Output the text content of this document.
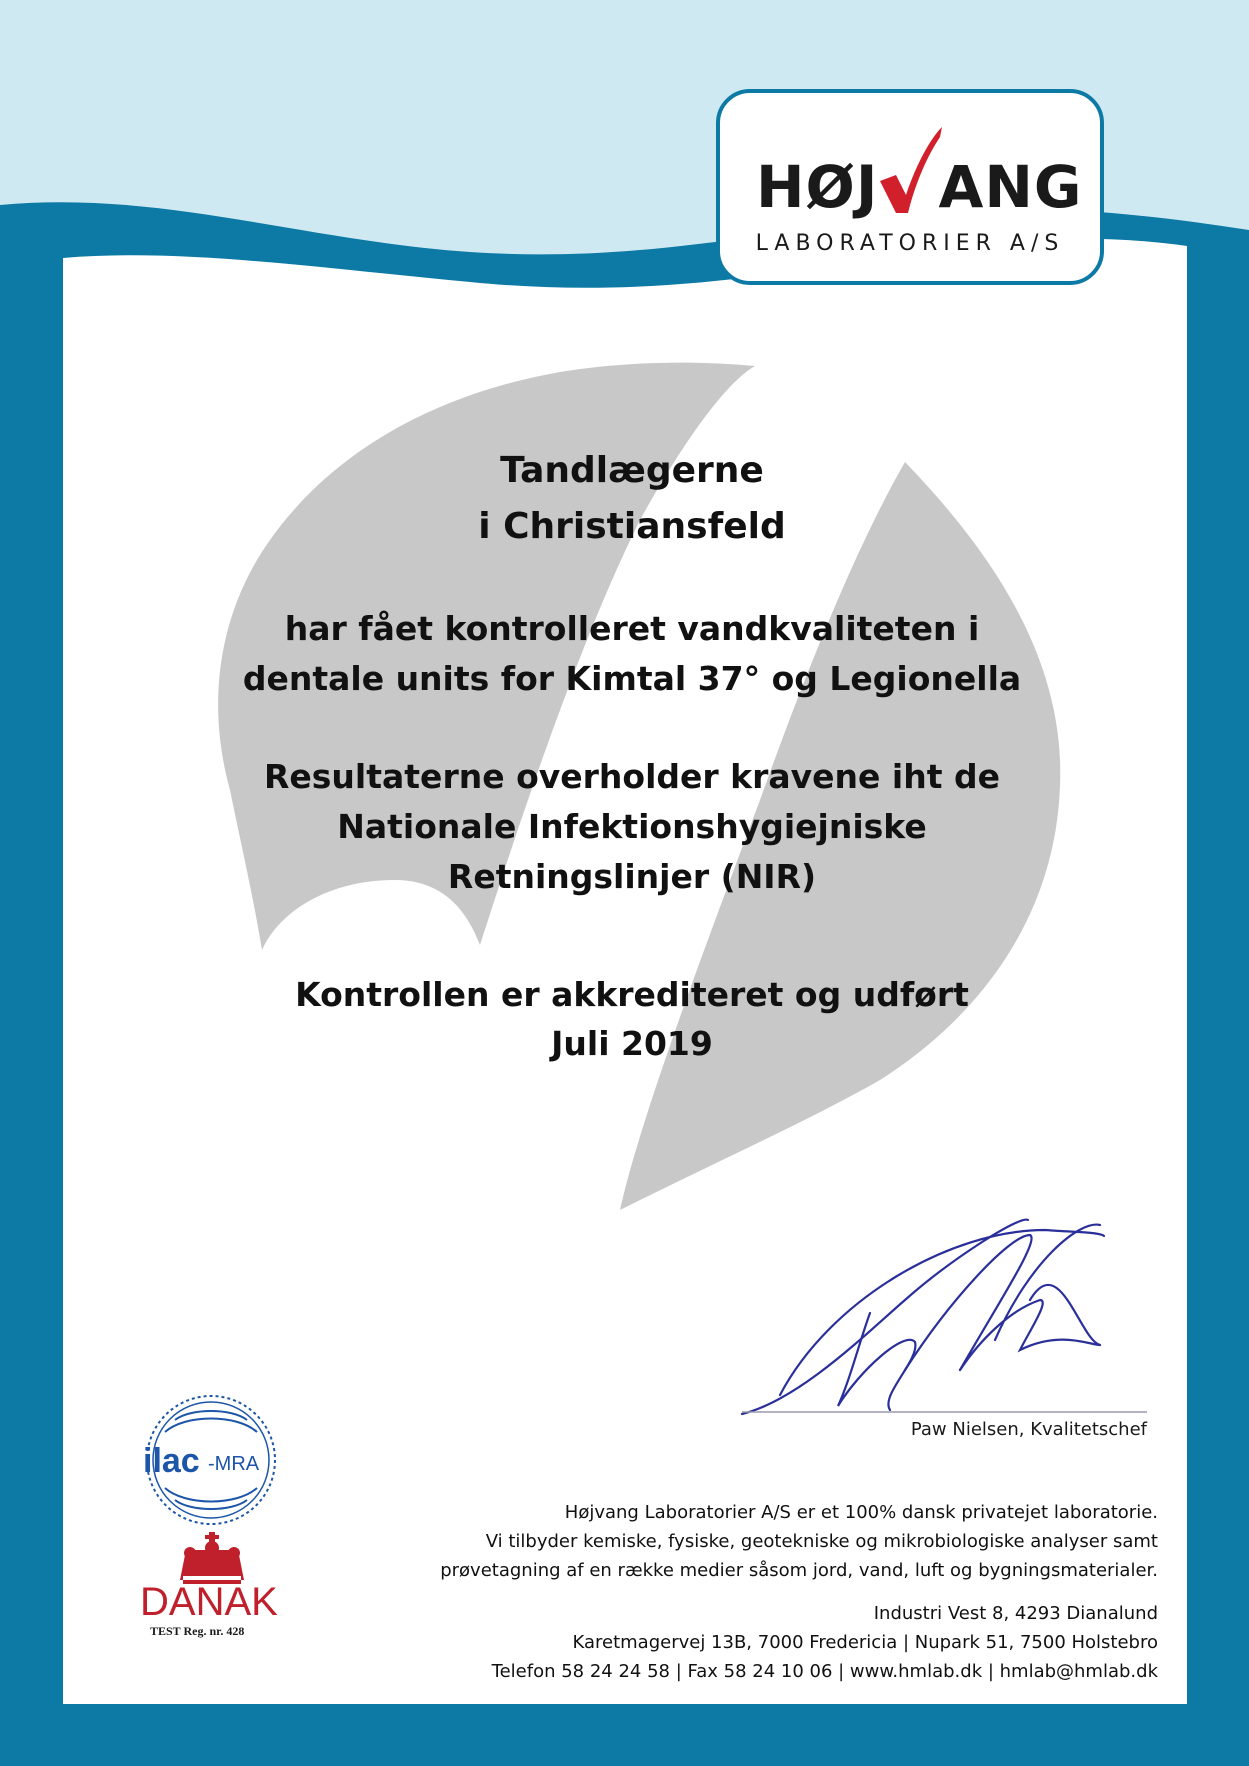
ilac -MRA
HØJ ANG
LABORATORIER A/S
Tandlægerne
i Christiansfeld
har fået kontrolleret vandkvaliteten i
dentale units for Kimtal 37° og Legionella
Resultaterne overholder kravene iht de
Nationale Infektionshygiejniske
Retningslinjer (NIR)
Kontrollen er akkrediteret og udført
Juli 2019
Paw Nielsen, Kvalitetschef
Højvang Laboratorier A/S er et 100% dansk privatejet laboratorie.
Vi tilbyder kemiske, fysiske, geotekniske og mikrobiologiske analyser samt
prøvetagning af en række medier såsom jord, vand, luft og bygningsmaterialer.
Industri Vest 8, 4293 Dianalund
Karetmagervej 13B, 7000 Fredericia | Nupark 51, 7500 Holstebro
Telefon 58 24 24 58 | Fax 58 24 10 06 | www.hmlab.dk | hmlab@hmlab.dk
DANAK
TEST Reg. nr. 428
